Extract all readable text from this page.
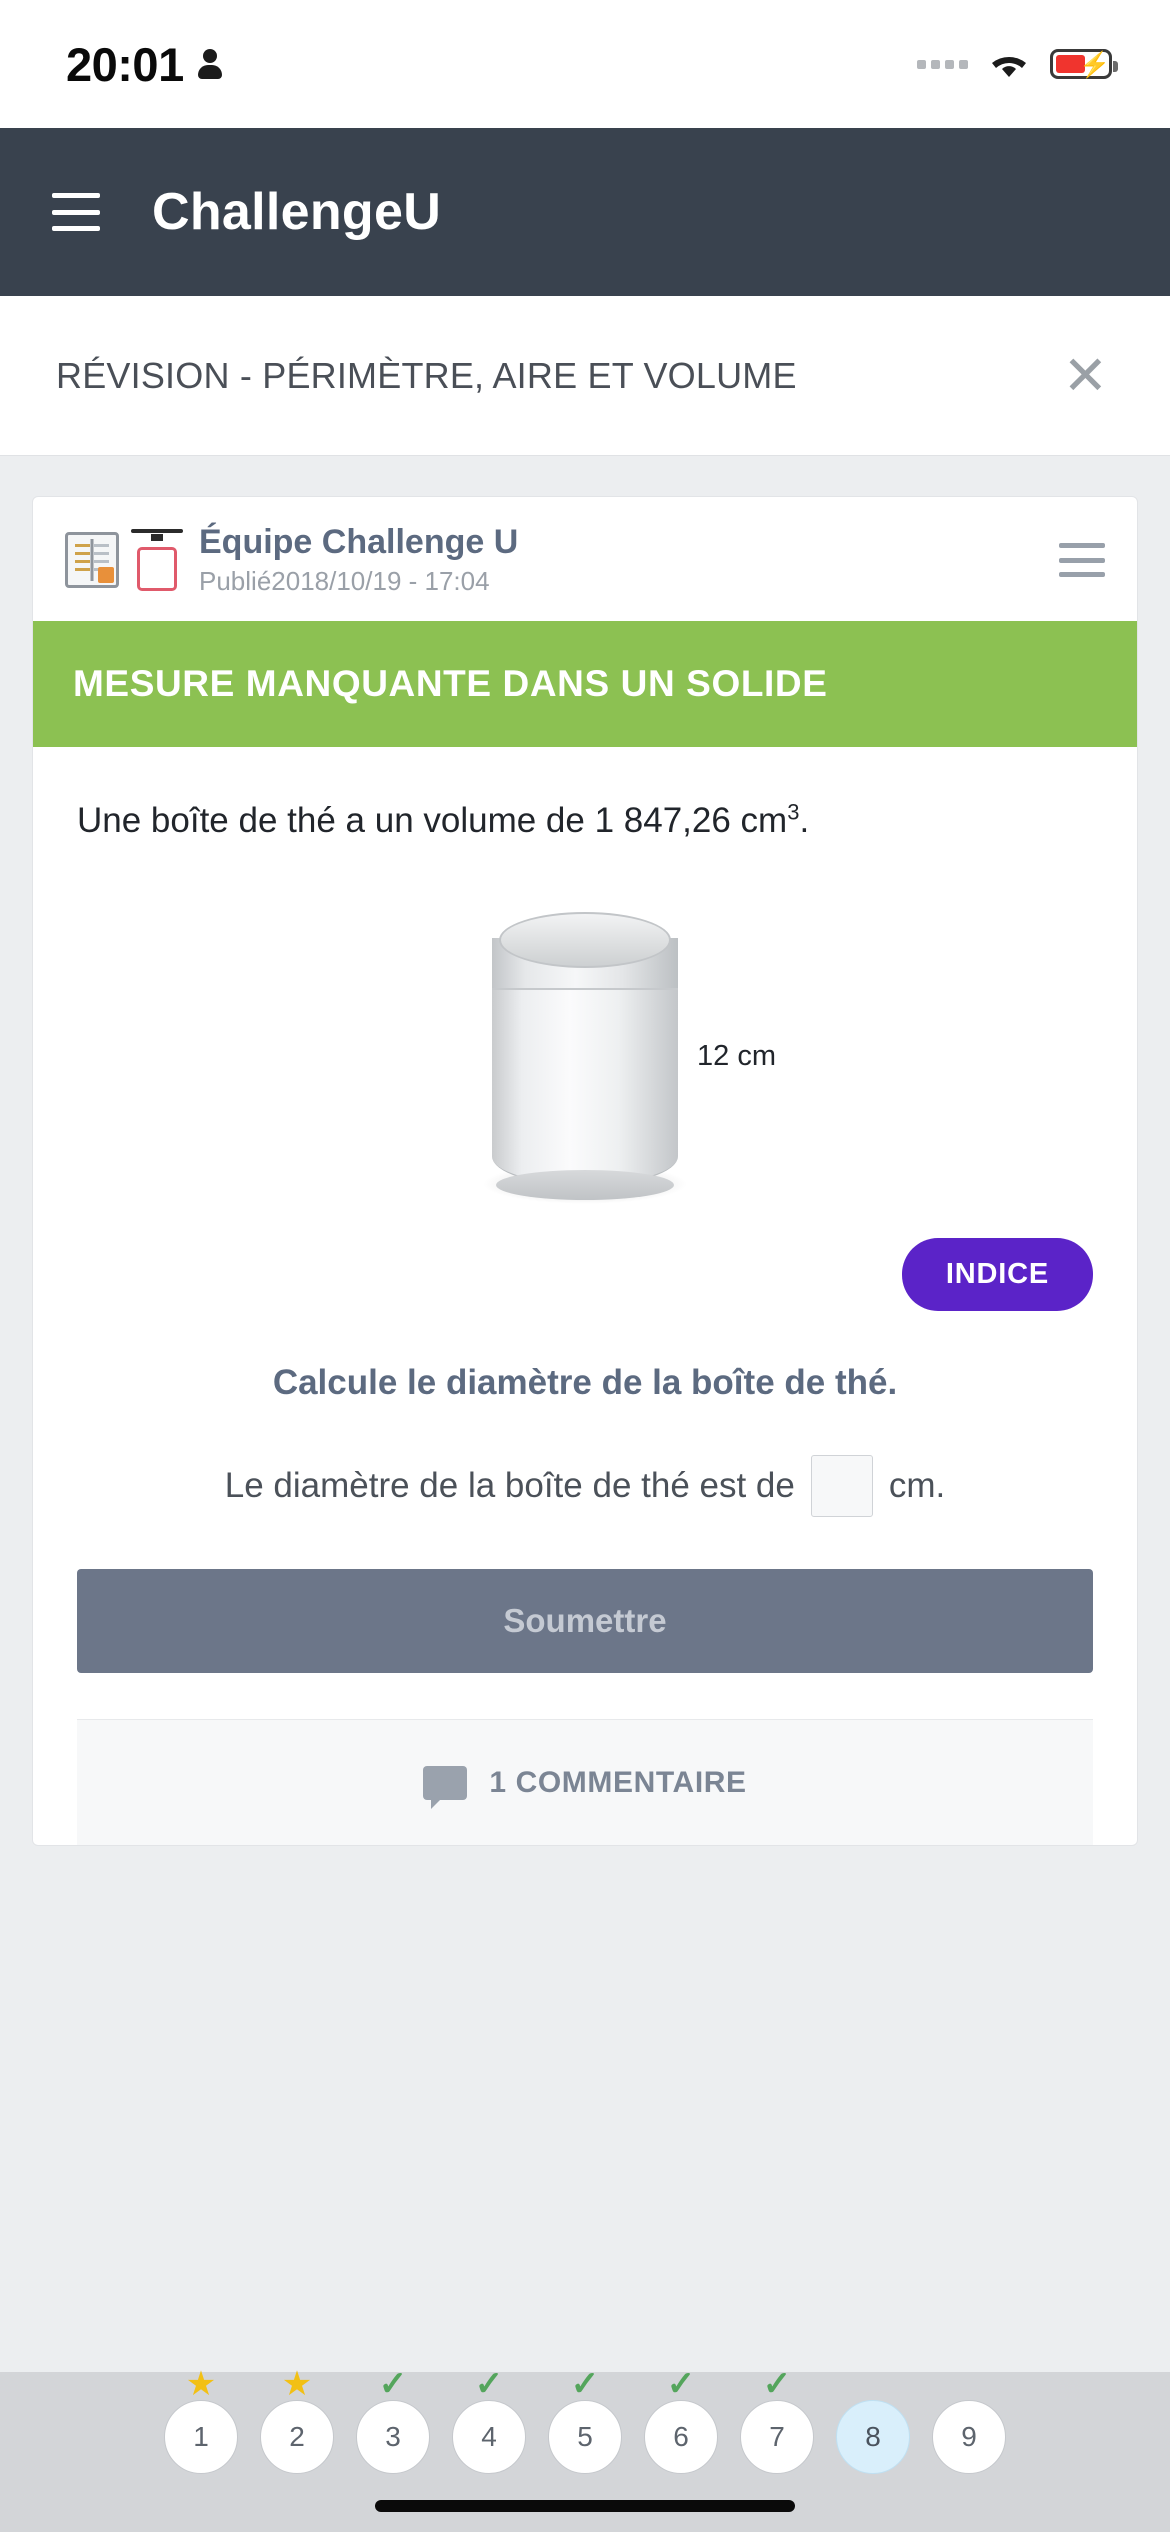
20:01	⚡
ChallengeU
RÉVISION - PÉRIMÈTRE, AIRE ET VOLUME	✕
Équipe Challenge U
Publié2018/10/19 - 17:04
MESURE MANQUANTE DANS UN SOLIDE

Une boîte de thé a un volume de 1 847,26 $cm^3$.

12 cm
INDICE

Calcule le diamètre de la boîte de thé.

Le diamètre de la boîte de thé est de	cm.
Soumettre
1 COMMENTAIRE
★
1
★
2
✓
3
✓
4
✓
5
✓
6
✓
7	8	9
